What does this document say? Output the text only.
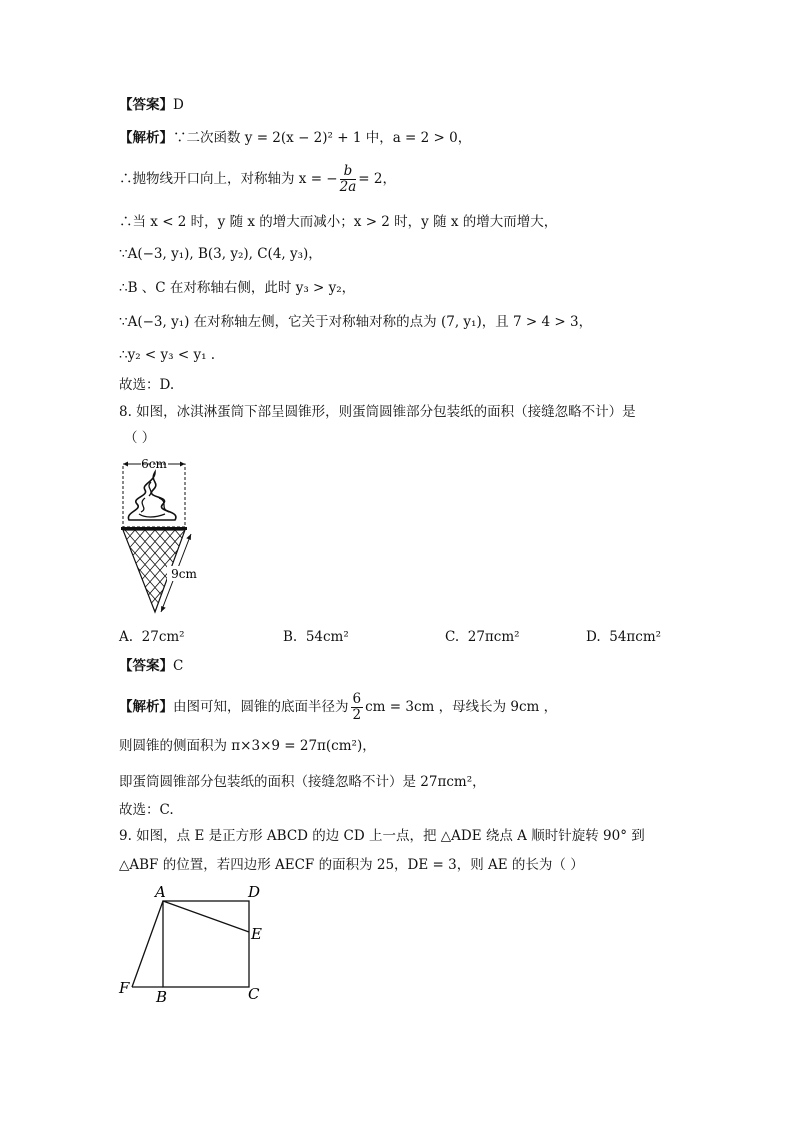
【答案】D
【解析】∵二次函数 y = 2(x − 2)² + 1 中，a = 2 > 0，
∴抛物线开口向上，对称轴为 x = − $\frac{b}{2a} = 2$，
∴当 x < 2 时，y 随 x 的增大而减小；x > 2 时，y 随 x 的增大而增大，
∵A(−3, y₁), B(3, y₂), C(4, y₃)，
∴B 、C 在对称轴右侧，此时 y₃ > y₂，
∵A(−3, y₁) 在对称轴左侧，它关于对称轴对称的点为 (7, y₁)，且 7 > 4 > 3，
∴y₂ < y₃ < y₁ .
故选：D.
8. 如图，冰淇淋蛋筒下部呈圆锥形，则蛋筒圆锥部分包装纸的面积（接缝忽略不计）是
（ ）
6cm
9cm
A. 27cm²	B. 54cm²	C. 27πcm²	D. 54πcm²
【答案】C
【解析】由图可知，圆锥的底面半径为 $\frac{6}{2}$ cm = 3cm ，母线长为 9cm ，
则圆锥的侧面积为 π×3×9 = 27π(cm²)，
即蛋筒圆锥部分包装纸的面积（接缝忽略不计）是 27πcm²，
故选：C.
9. 如图，点 E 是正方形 ABCD 的边 CD 上一点，把 △ADE 绕点 A 顺时针旋转 90° 到
△ABF 的位置，若四边形 AECF 的面积为 25，DE = 3，则 AE 的长为（ ）
A	D
E
F B	C
